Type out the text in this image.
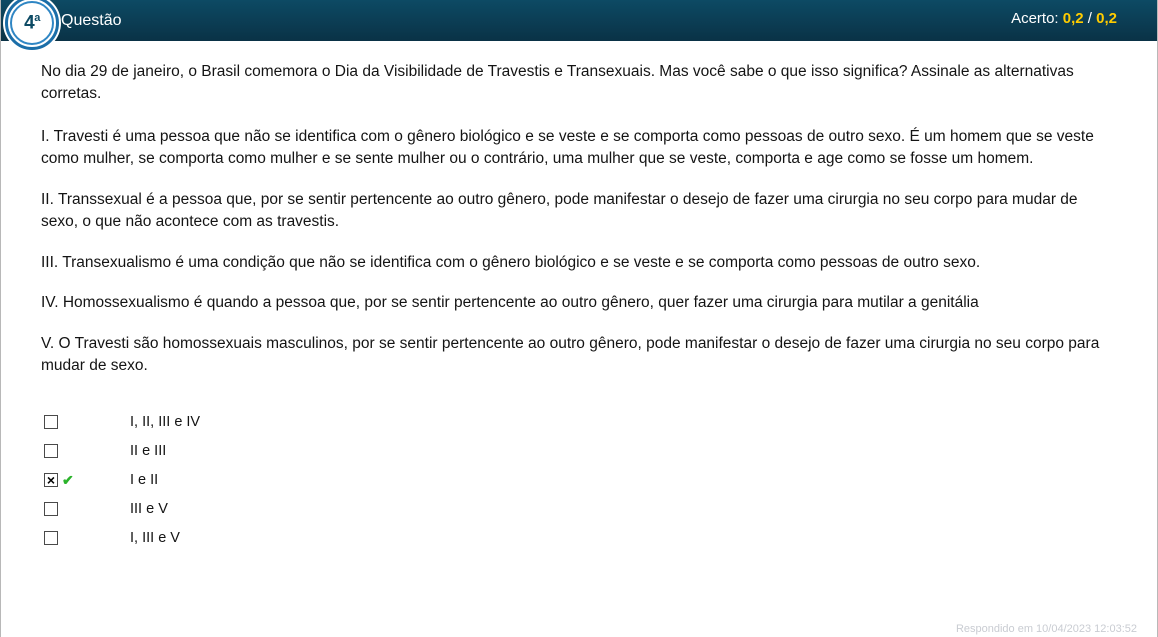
4$^a$ Questão	Acerto: 0,2 / 0,2

No dia 29 de janeiro, o Brasil comemora o Dia da Visibilidade de Travestis e Transexuais. Mas você sabe o que isso significa? Assinale as alternativas corretas.

I. Travesti é uma pessoa que não se identifica com o gênero biológico e se veste e se comporta como pessoas de outro sexo. É um homem que se veste como mulher, se comporta como mulher e se sente mulher ou o contrário, uma mulher que se veste, comporta e age como se fosse um homem.

II. Transsexual é a pessoa que, por se sentir pertencente ao outro gênero, pode manifestar o desejo de fazer uma cirurgia no seu corpo para mudar de sexo, o que não acontece com as travestis.

III. Transexualismo é uma condição que não se identifica com o gênero biológico e se veste e se comporta como pessoas de outro sexo.

IV. Homossexualismo é quando a pessoa que, por se sentir pertencente ao outro gênero, quer fazer uma cirurgia para mutilar a genitália

V. O Travesti são homossexuais masculinos, por se sentir pertencente ao outro gênero, pode manifestar o desejo de fazer uma cirurgia no seu corpo para mudar de sexo.

I, II, III e IV
II e III
×
✔	I e II
III e V
I, III e V
Respondido em 10/04/2023 12:03:52
